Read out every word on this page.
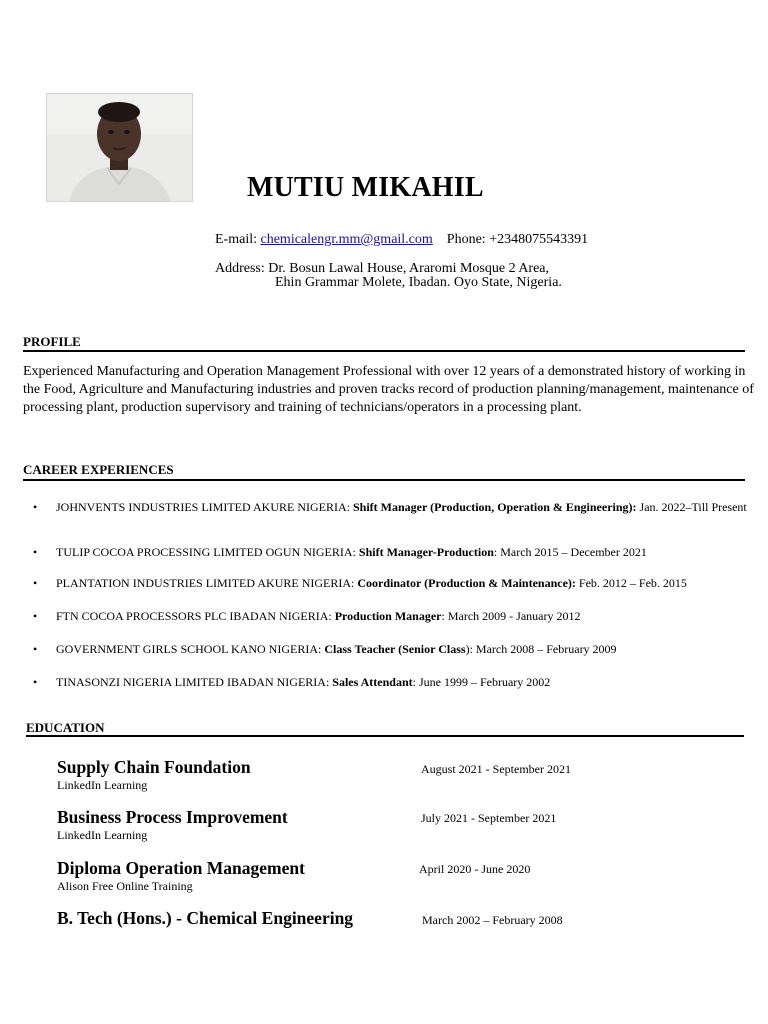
MUTIU MIKAHIL
E-mail: chemicalengr.mm@gmail.com Phone: +2348075543391
Address: Dr. Bosun Lawal House, Araromi Mosque 2 Area,
Ehin Grammar Molete, Ibadan. Oyo State, Nigeria.
PROFILE
Experienced Manufacturing and Operation Management Professional with over 12 years of a demonstrated history of working in the Food, Agriculture and Manufacturing industries and proven tracks record of production planning/management, maintenance of processing plant, production supervisory and training of technicians/operators in a processing plant.
CAREER EXPERIENCES
• JOHNVENTS INDUSTRIES LIMITED AKURE NIGERIA: Shift Manager (Production, Operation & Engineering): Jan. 2022–Till Present
• TULIP COCOA PROCESSING LIMITED OGUN NIGERIA: Shift Manager-Production: March 2015 – December 2021
• PLANTATION INDUSTRIES LIMITED AKURE NIGERIA: Coordinator (Production & Maintenance): Feb. 2012 – Feb. 2015
• FTN COCOA PROCESSORS PLC IBADAN NIGERIA: Production Manager: March 2009 - January 2012
• GOVERNMENT GIRLS SCHOOL KANO NIGERIA: Class Teacher (Senior Class): March 2008 – February 2009
• TINASONZI NIGERIA LIMITED IBADAN NIGERIA: Sales Attendant: June 1999 – February 2002
EDUCATION
Supply Chain Foundation
LinkedIn Learning
August 2021 - September 2021
Business Process Improvement
LinkedIn Learning
July 2021 - September 2021
Diploma Operation Management
Alison Free Online Training
April 2020 - June 2020
B. Tech (Hons.) - Chemical Engineering	March 2002 – February 2008
